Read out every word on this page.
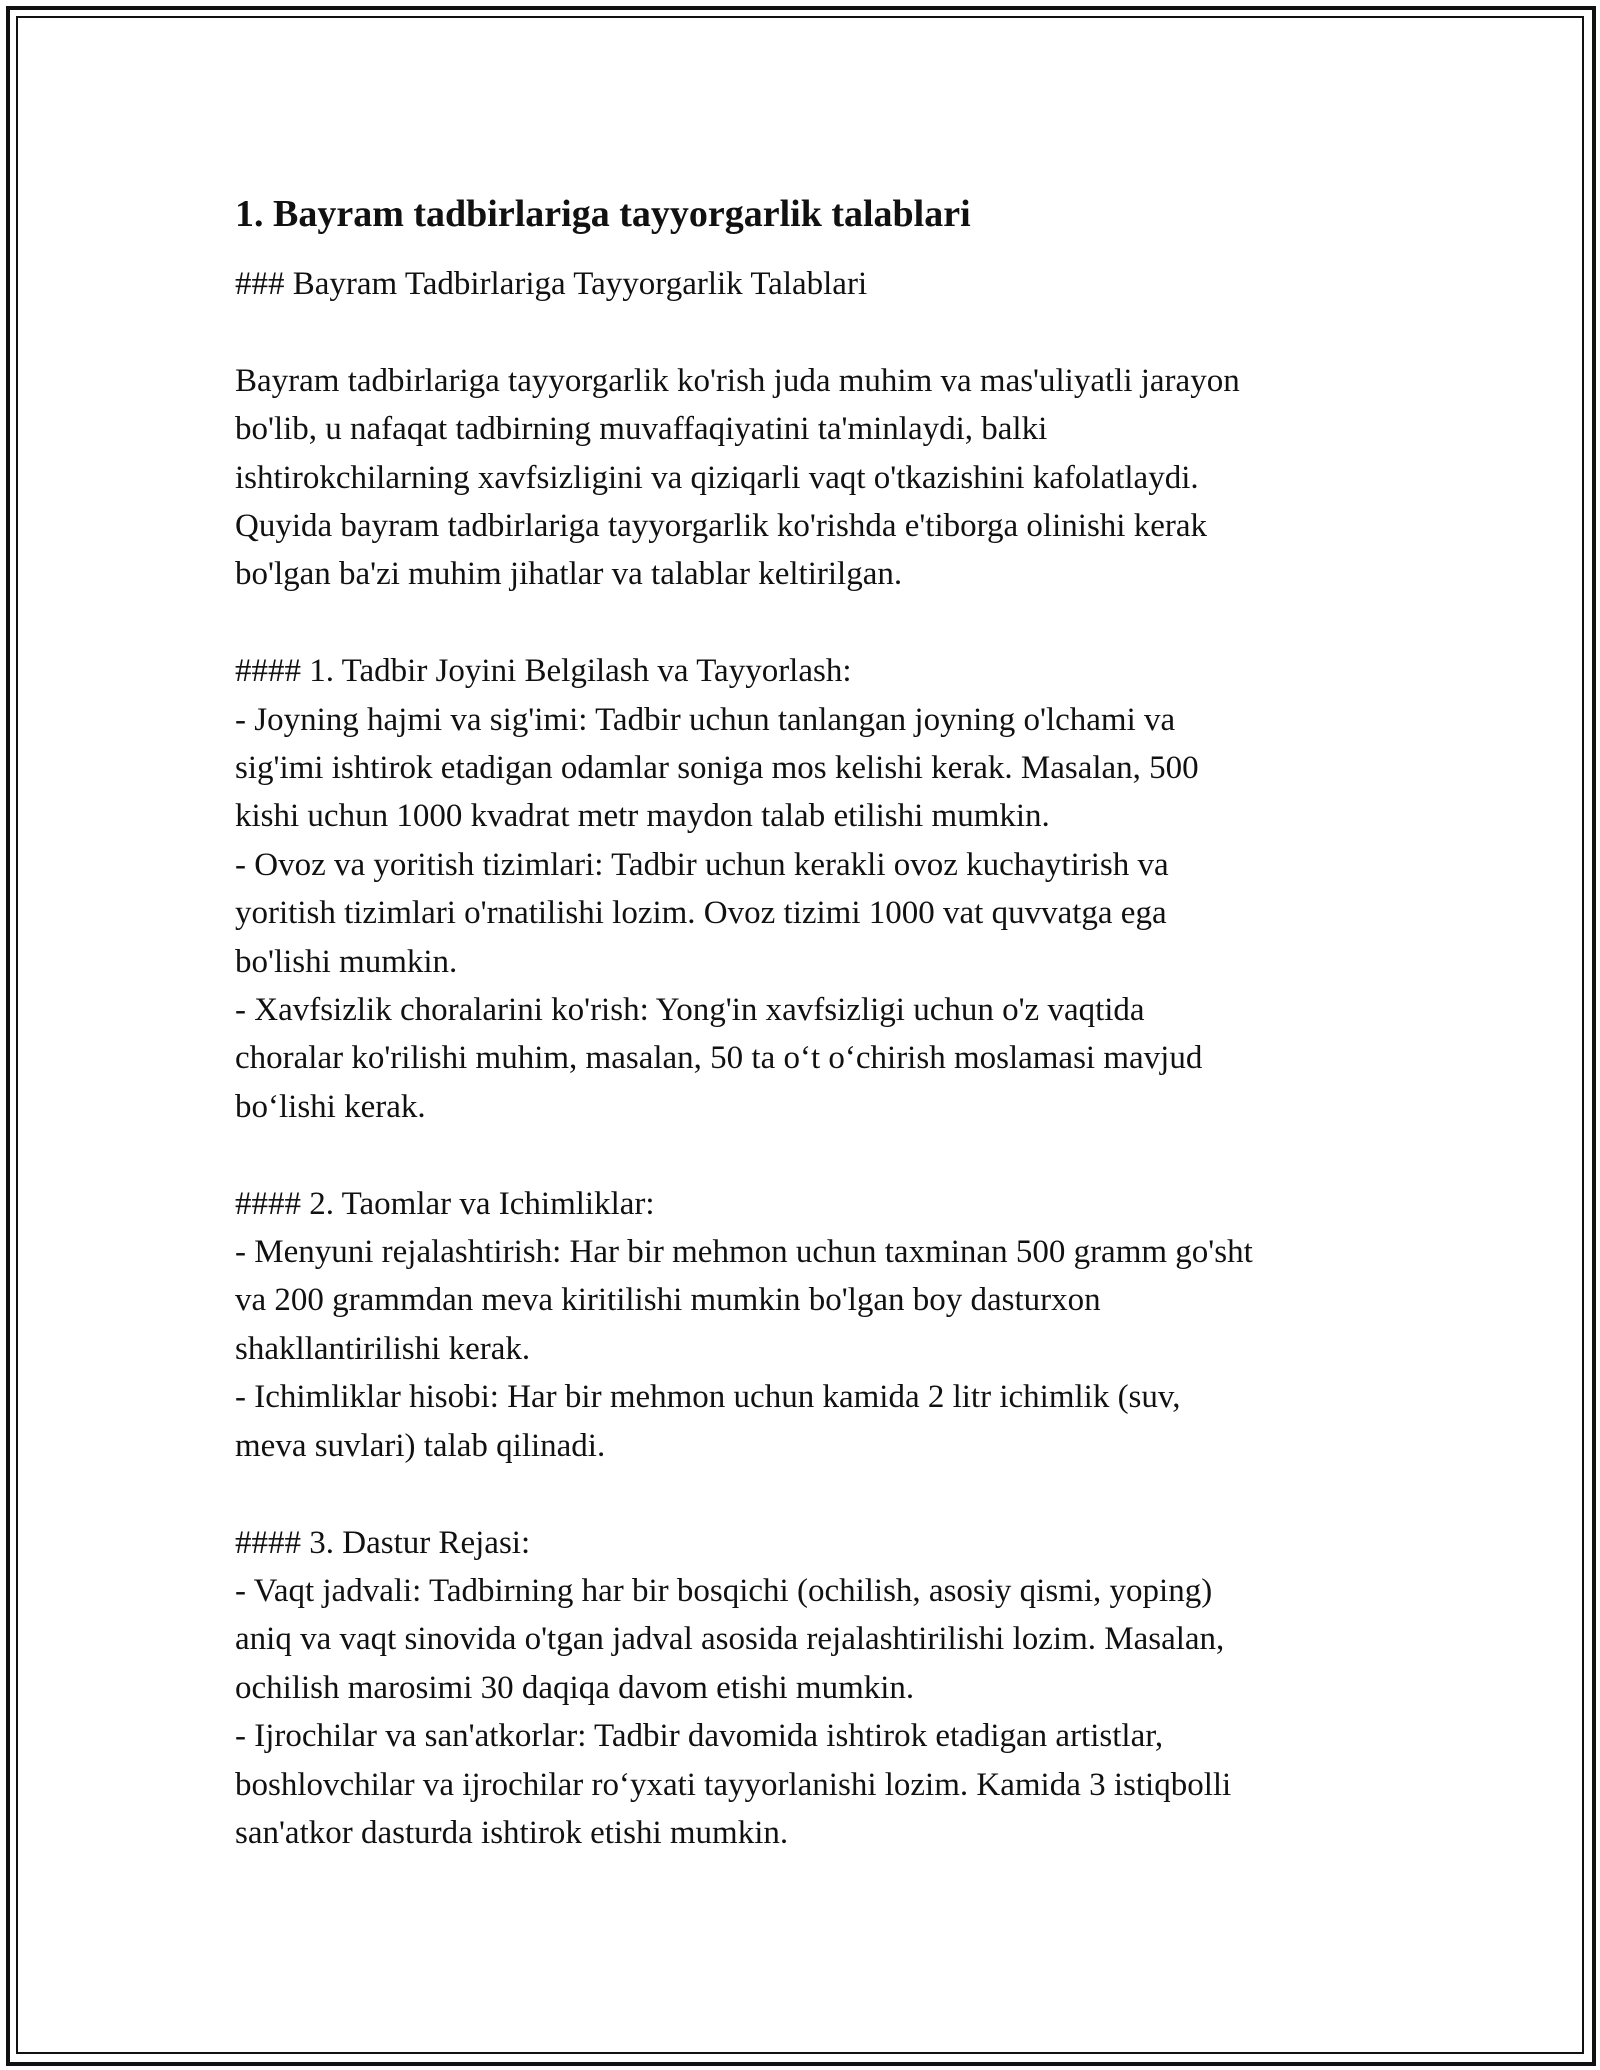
1. Bayram tadbirlariga tayyorgarlik talablari
### Bayram Tadbirlariga Tayyorgarlik Talablari
Bayram tadbirlariga tayyorgarlik ko'rish juda muhim va mas'uliyatli jarayon
bo'lib, u nafaqat tadbirning muvaffaqiyatini ta'minlaydi, balki
ishtirokchilarning xavfsizligini va qiziqarli vaqt o'tkazishini kafolatlaydi.
Quyida bayram tadbirlariga tayyorgarlik ko'rishda e'tiborga olinishi kerak
bo'lgan ba'zi muhim jihatlar va talablar keltirilgan.
#### 1. Tadbir Joyini Belgilash va Tayyorlash:
- Joyning hajmi va sig'imi: Tadbir uchun tanlangan joyning o'lchami va
sig'imi ishtirok etadigan odamlar soniga mos kelishi kerak. Masalan, 500
kishi uchun 1000 kvadrat metr maydon talab etilishi mumkin.
- Ovoz va yoritish tizimlari: Tadbir uchun kerakli ovoz kuchaytirish va
yoritish tizimlari o'rnatilishi lozim. Ovoz tizimi 1000 vat quvvatga ega
bo'lishi mumkin.
- Xavfsizlik choralarini ko'rish: Yong'in xavfsizligi uchun o'z vaqtida
choralar ko'rilishi muhim, masalan, 50 ta o‘t o‘chirish moslamasi mavjud
bo‘lishi kerak.
#### 2. Taomlar va Ichimliklar:
- Menyuni rejalashtirish: Har bir mehmon uchun taxminan 500 gramm go'sht
va 200 grammdan meva kiritilishi mumkin bo'lgan boy dasturxon
shakllantirilishi kerak.
- Ichimliklar hisobi: Har bir mehmon uchun kamida 2 litr ichimlik (suv,
meva suvlari) talab qilinadi.
#### 3. Dastur Rejasi:
- Vaqt jadvali: Tadbirning har bir bosqichi (ochilish, asosiy qismi, yoping)
aniq va vaqt sinovida o'tgan jadval asosida rejalashtirilishi lozim. Masalan,
ochilish marosimi 30 daqiqa davom etishi mumkin.
- Ijrochilar va san'atkorlar: Tadbir davomida ishtirok etadigan artistlar,
boshlovchilar va ijrochilar ro‘yxati tayyorlanishi lozim. Kamida 3 istiqbolli
san'atkor dasturda ishtirok etishi mumkin.
